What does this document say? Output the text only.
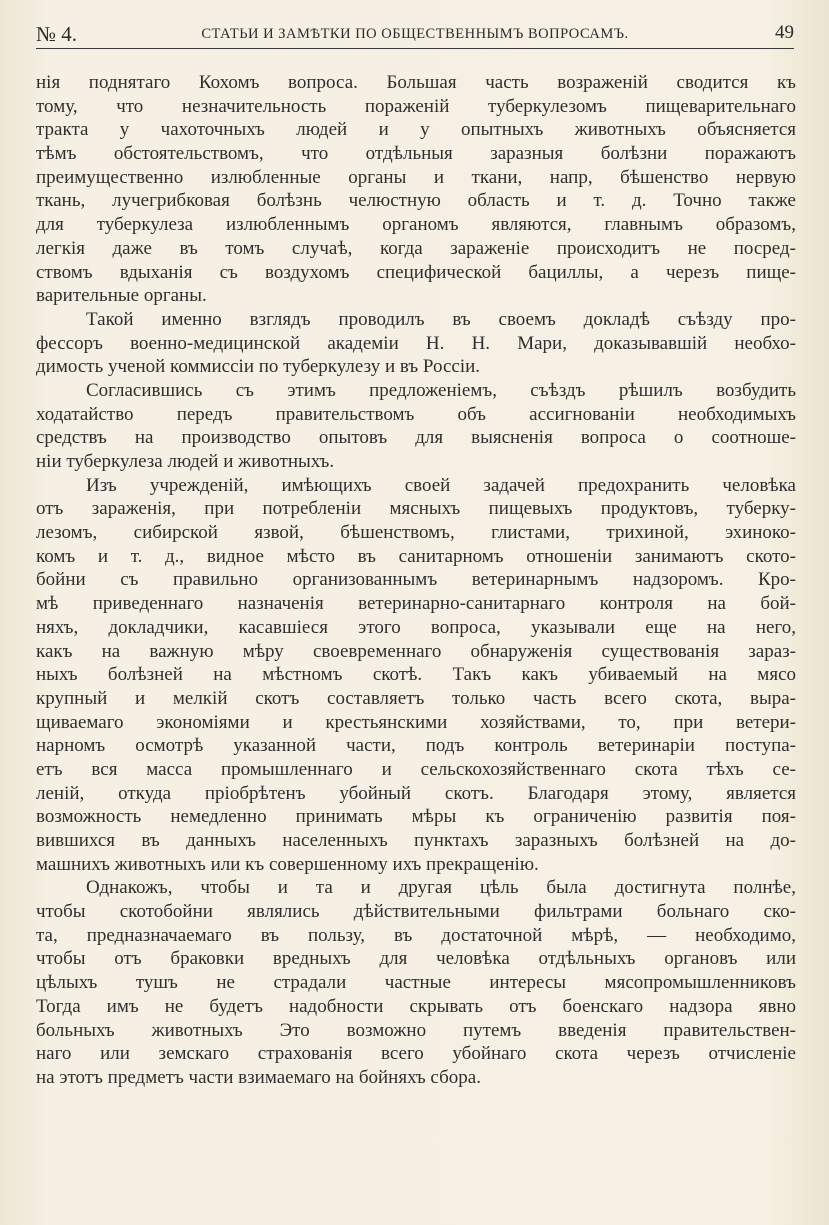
№ 4.	СТАТЬИ И ЗАМѢТКИ ПО ОБЩЕСТВЕННЫМЪ ВОПРОСАМЪ.	49
нія поднятаго Кохомъ вопроса. Большая часть возраженій сводится къ
тому, что незначительность пораженій туберкулезомъ пищеварительнаго
тракта у чахоточныхъ людей и у опытныхъ животныхъ объясняется
тѣмъ обстоятельствомъ, что отдѣльныя заразныя болѣзни поражаютъ
преимущественно излюбленные органы и ткани, напр, бѣшенство нервую
ткань, лучегрибковая болѣзнь челюстную область и т. д. Точно также
для туберкулеза излюбленнымъ органомъ являются, главнымъ образомъ,
легкія даже въ томъ случаѣ, когда зараженіе происходитъ не посред-
ствомъ вдыханія съ воздухомъ специфической бациллы, а черезъ пище-
варительные органы.
Такой именно взглядъ проводилъ въ своемъ докладѣ съѣзду про-
фессоръ военно-медицинской академіи Н. Н. Мари, доказывавшій необхо-
димость ученой коммиссіи по туберкулезу и въ Россіи.
Согласившись съ этимъ предложеніемъ, съѣздъ рѣшилъ возбудить
ходатайство передъ правительствомъ объ ассигнованіи необходимыхъ
средствъ на производство опытовъ для выясненія вопроса о соотноше-
ніи туберкулеза людей и животныхъ.
Изъ учрежденій, имѣющихъ своей задачей предохранить человѣка
отъ зараженія, при потребленіи мясныхъ пищевыхъ продуктовъ, туберку-
лезомъ, сибирской язвой, бѣшенствомъ, глистами, трихиной, эхиноко-
комъ и т. д., видное мѣсто въ санитарномъ отношеніи занимаютъ ското-
бойни съ правильно организованнымъ ветеринарнымъ надзоромъ. Кро-
мѣ приведеннаго назначенія ветеринарно-санитарнаго контроля на бой-
няхъ, докладчики, касавшіеся этого вопроса, указывали еще на него,
какъ на важную мѣру своевременнаго обнаруженія существованія зараз-
ныхъ болѣзней на мѣстномъ скотѣ. Такъ какъ убиваемый на мясо
крупный и мелкій скотъ составляетъ только часть всего скота, выра-
щиваемаго экономіями и крестьянскими хозяйствами, то, при ветери-
нарномъ осмотрѣ указанной части, подъ контроль ветеринаріи поступа-
етъ вся масса промышленнаго и сельскохозяйственнаго скота тѣхъ се-
леній, откуда пріобрѣтенъ убойный скотъ. Благодаря этому, является
возможность немедленно принимать мѣры къ ограниченію развитія поя-
вившихся въ данныхъ населенныхъ пунктахъ заразныхъ болѣзней на до-
машнихъ животныхъ или къ совершенному ихъ прекращенію.
Однакожъ, чтобы и та и другая цѣль была достигнута полнѣе,
чтобы скотобойни являлись дѣйствительными фильтрами больнаго ско-
та, предназначаемаго въ пользу, въ достаточной мѣрѣ, — необходимо,
чтобы отъ браковки вредныхъ для человѣка отдѣльныхъ органовъ или
цѣлыхъ тушъ не страдали частные интересы мясопромышленниковъ
Тогда имъ не будетъ надобности скрывать отъ боенскаго надзора явно
больныхъ животныхъ Это возможно путемъ введенія правительствен-
наго или земскаго страхованія всего убойнаго скота черезъ отчисленіе
на этотъ предметъ части взимаемаго на бойняхъ сбора.
